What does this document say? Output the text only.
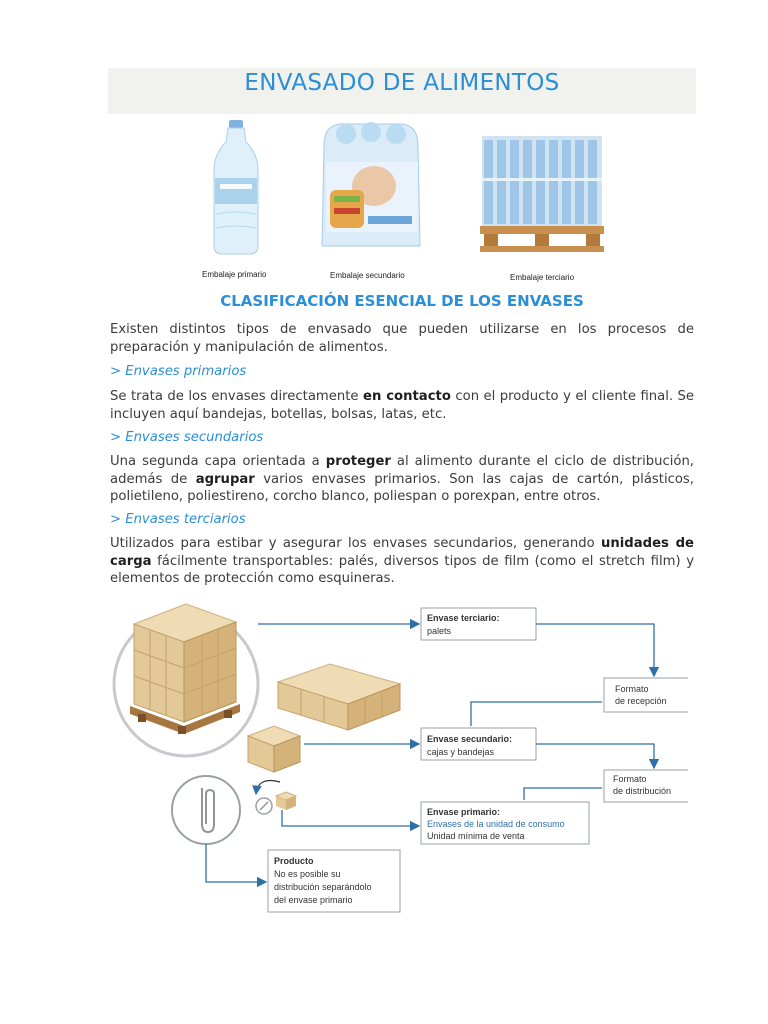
ENVASADO DE ALIMENTOS
Embalaje primario	Embalaje secundario	Embalaje terciario
CLASIFICACIÓN ESENCIAL DE LOS ENVASES

Existen distintos tipos de envasado que pueden utilizarse en los procesos de preparación y manipulación de alimentos.

> Envases primarios

Se trata de los envases directamente en contacto con el producto y el cliente final. Se incluyen aquí bandejas, botellas, bolsas, latas, etc.

> Envases secundarios

Una segunda capa orientada a proteger al alimento durante el ciclo de distribución, además de agrupar varios envases primarios. Son las cajas de cartón, plásticos, polietileno, poliestireno, corcho blanco, poliespan o porexpan, entre otros.

> Envases terciarios

Utilizados para estibar y asegurar los envases secundarios, generando unidades de carga fácilmente transportables: palés, diversos tipos de film (como el stretch film) y elementos de protección como esquineras.

Envase terciario:
palets
Formato
de recepción
Envase secundario:
cajas y bandejas
Formato
de distribución
Envase primario:
Envases de la unidad de consumo
Unidad mínima de venta
Producto
No es posible su
distribución separándolo
del envase primario
